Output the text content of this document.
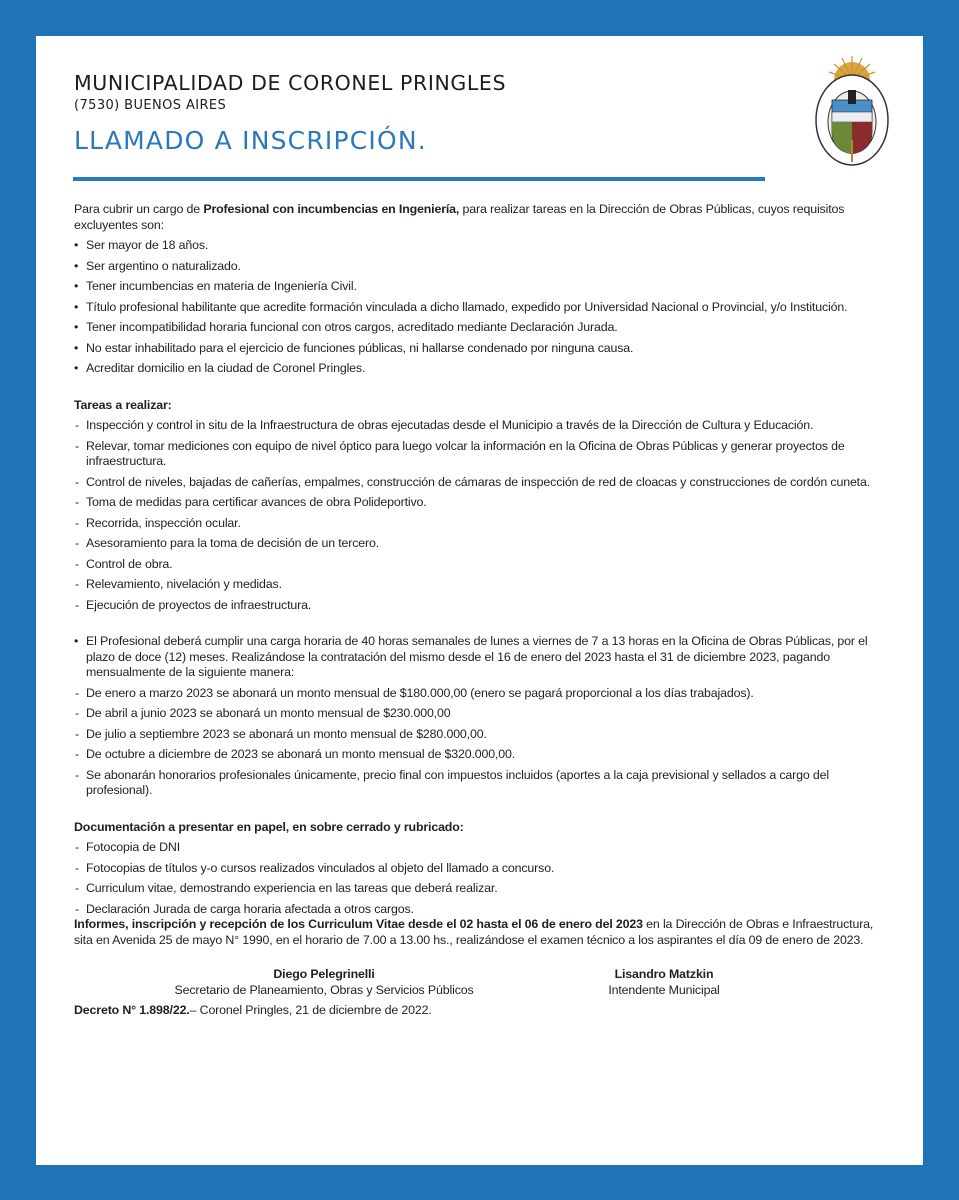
MUNICIPALIDAD DE CORONEL PRINGLES
(7530) BUENOS AIRES
LLAMADO A INSCRIPCIÓN.

Para cubrir un cargo de Profesional con incumbencias en Ingeniería, para realizar tareas en la Dirección de Obras Públicas, cuyos requisitos excluyentes son:

• Ser mayor de 18 años.
• Ser argentino o naturalizado.
• Tener incumbencias en materia de Ingeniería Civil.
• Título profesional habilitante que acredite formación vinculada a dicho llamado, expedido por Universidad Nacional o Provincial, y/o Institución.
• Tener incompatibilidad horaria funcional con otros cargos, acreditado mediante Declaración Jurada.
• No estar inhabilitado para el ejercicio de funciones públicas, ni hallarse condenado por ninguna causa.
• Acreditar domicilio en la ciudad de Coronel Pringles.

Tareas a realizar:

- Inspección y control in situ de la Infraestructura de obras ejecutadas desde el Municipio a través de la Dirección de Cultura y Educación.
- Relevar, tomar mediciones con equipo de nivel óptico para luego volcar la información en la Oficina de Obras Públicas y generar proyectos de infraestructura.
- Control de niveles, bajadas de cañerías, empalmes, construcción de cámaras de inspección de red de cloacas y construcciones de cordón cuneta.
- Toma de medidas para certificar avances de obra Polideportivo.
- Recorrida, inspección ocular.
- Asesoramiento para la toma de decisión de un tercero.
- Control de obra.
- Relevamiento, nivelación y medidas.
- Ejecución de proyectos de infraestructura.
• El Profesional deberá cumplir una carga horaria de 40 horas semanales de lunes a viernes de 7 a 13 horas en la Oficina de Obras Públicas, por el plazo de doce (12) meses. Realizándose la contratación del mismo desde el 16 de enero del 2023 hasta el 31 de diciembre 2023, pagando mensualmente de la siguiente manera:
- De enero a marzo 2023 se abonará un monto mensual de $180.000,00 (enero se pagará proporcional a los días trabajados).
- De abril a junio 2023 se abonará un monto mensual de $230.000,00
- De julio a septiembre 2023 se abonará un monto mensual de $280.000,00.
- De octubre a diciembre de 2023 se abonará un monto mensual de $320.000,00.
- Se abonarán honorarios profesionales únicamente, precio final con impuestos incluidos (aportes a la caja previsional y sellados a cargo del profesional).

Documentación a presentar en papel, en sobre cerrado y rubricado:

- Fotocopia de DNI
- Fotocopias de títulos y-o cursos realizados vinculados al objeto del llamado a concurso.
- Curriculum vitae, demostrando experiencia en las tareas que deberá realizar.
- Declaración Jurada de carga horaria afectada a otros cargos.

Informes, inscripción y recepción de los Curriculum Vitae desde el 02 hasta el 06 de enero del 2023 en la Dirección de Obras e Infraestructura, sita en Avenida 25 de mayo N° 1990, en el horario de 7.00 a 13.00 hs., realizándose el examen técnico a los aspirantes el día 09 de enero de 2023.

Diego Pelegrinelli
Secretario de Planeamiento, Obras y Servicios Públicos
Lisandro Matzkin
Intendente Municipal

Decreto N° 1.898/22.– Coronel Pringles, 21 de diciembre de 2022.
